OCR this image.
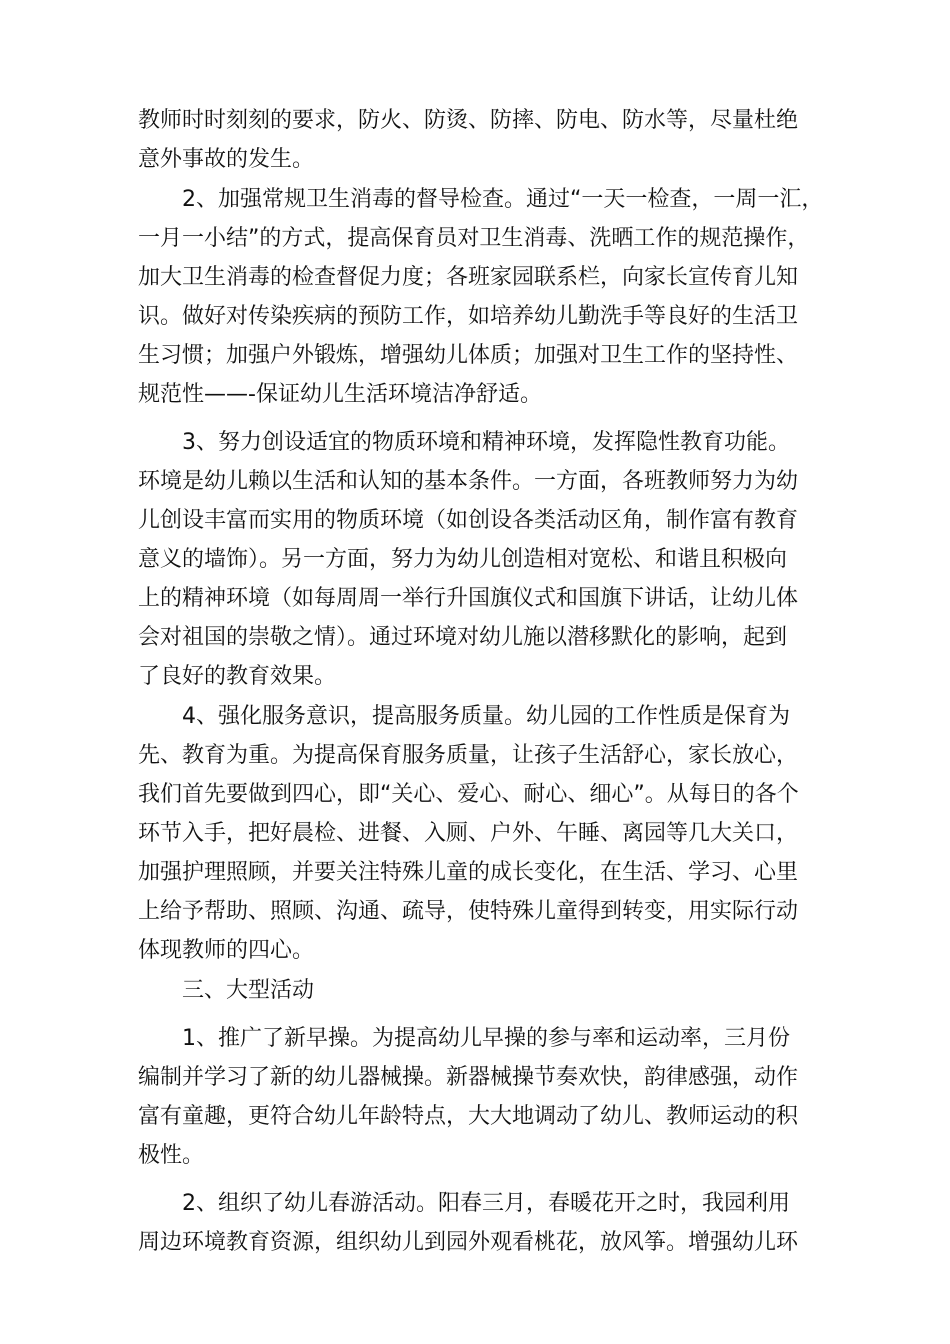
教师时时刻刻的要求，防火、防烫、防摔、防电、防水等，尽量杜绝
意外事故的发生。
　　2、加强常规卫生消毒的督导检查。通过“一天一检查，一周一汇，
一月一小结”的方式，提高保育员对卫生消毒、洗晒工作的规范操作，
加大卫生消毒的检查督促力度；各班家园联系栏，向家长宣传育儿知
识。做好对传染疾病的预防工作，如培养幼儿勤洗手等良好的生活卫
生习惯；加强户外锻炼，增强幼儿体质；加强对卫生工作的坚持性、
规范性——-保证幼儿生活环境洁净舒适。
　　3、努力创设适宜的物质环境和精神环境，发挥隐性教育功能。
环境是幼儿赖以生活和认知的基本条件。一方面，各班教师努力为幼
儿创设丰富而实用的物质环境（如创设各类活动区角，制作富有教育
意义的墙饰）。另一方面，努力为幼儿创造相对宽松、和谐且积极向
上的精神环境（如每周周一举行升国旗仪式和国旗下讲话，让幼儿体
会对祖国的崇敬之情）。通过环境对幼儿施以潜移默化的影响，起到
了良好的教育效果。
　　4、强化服务意识，提高服务质量。幼儿园的工作性质是保育为
先、教育为重。为提高保育服务质量，让孩子生活舒心，家长放心，
我们首先要做到四心，即“关心、爱心、耐心、细心”。从每日的各个
环节入手，把好晨检、进餐、入厕、户外、午睡、离园等几大关口，
加强护理照顾，并要关注特殊儿童的成长变化，在生活、学习、心里
上给予帮助、照顾、沟通、疏导，使特殊儿童得到转变，用实际行动
体现教师的四心。
　　三、大型活动
　　1、推广了新早操。为提高幼儿早操的参与率和运动率，三月份
编制并学习了新的幼儿器械操。新器械操节奏欢快，韵律感强，动作
富有童趣，更符合幼儿年龄特点，大大地调动了幼儿、教师运动的积
极性。
　　2、组织了幼儿春游活动。阳春三月，春暖花开之时，我园利用
周边环境教育资源，组织幼儿到园外观看桃花，放风筝。增强幼儿环
